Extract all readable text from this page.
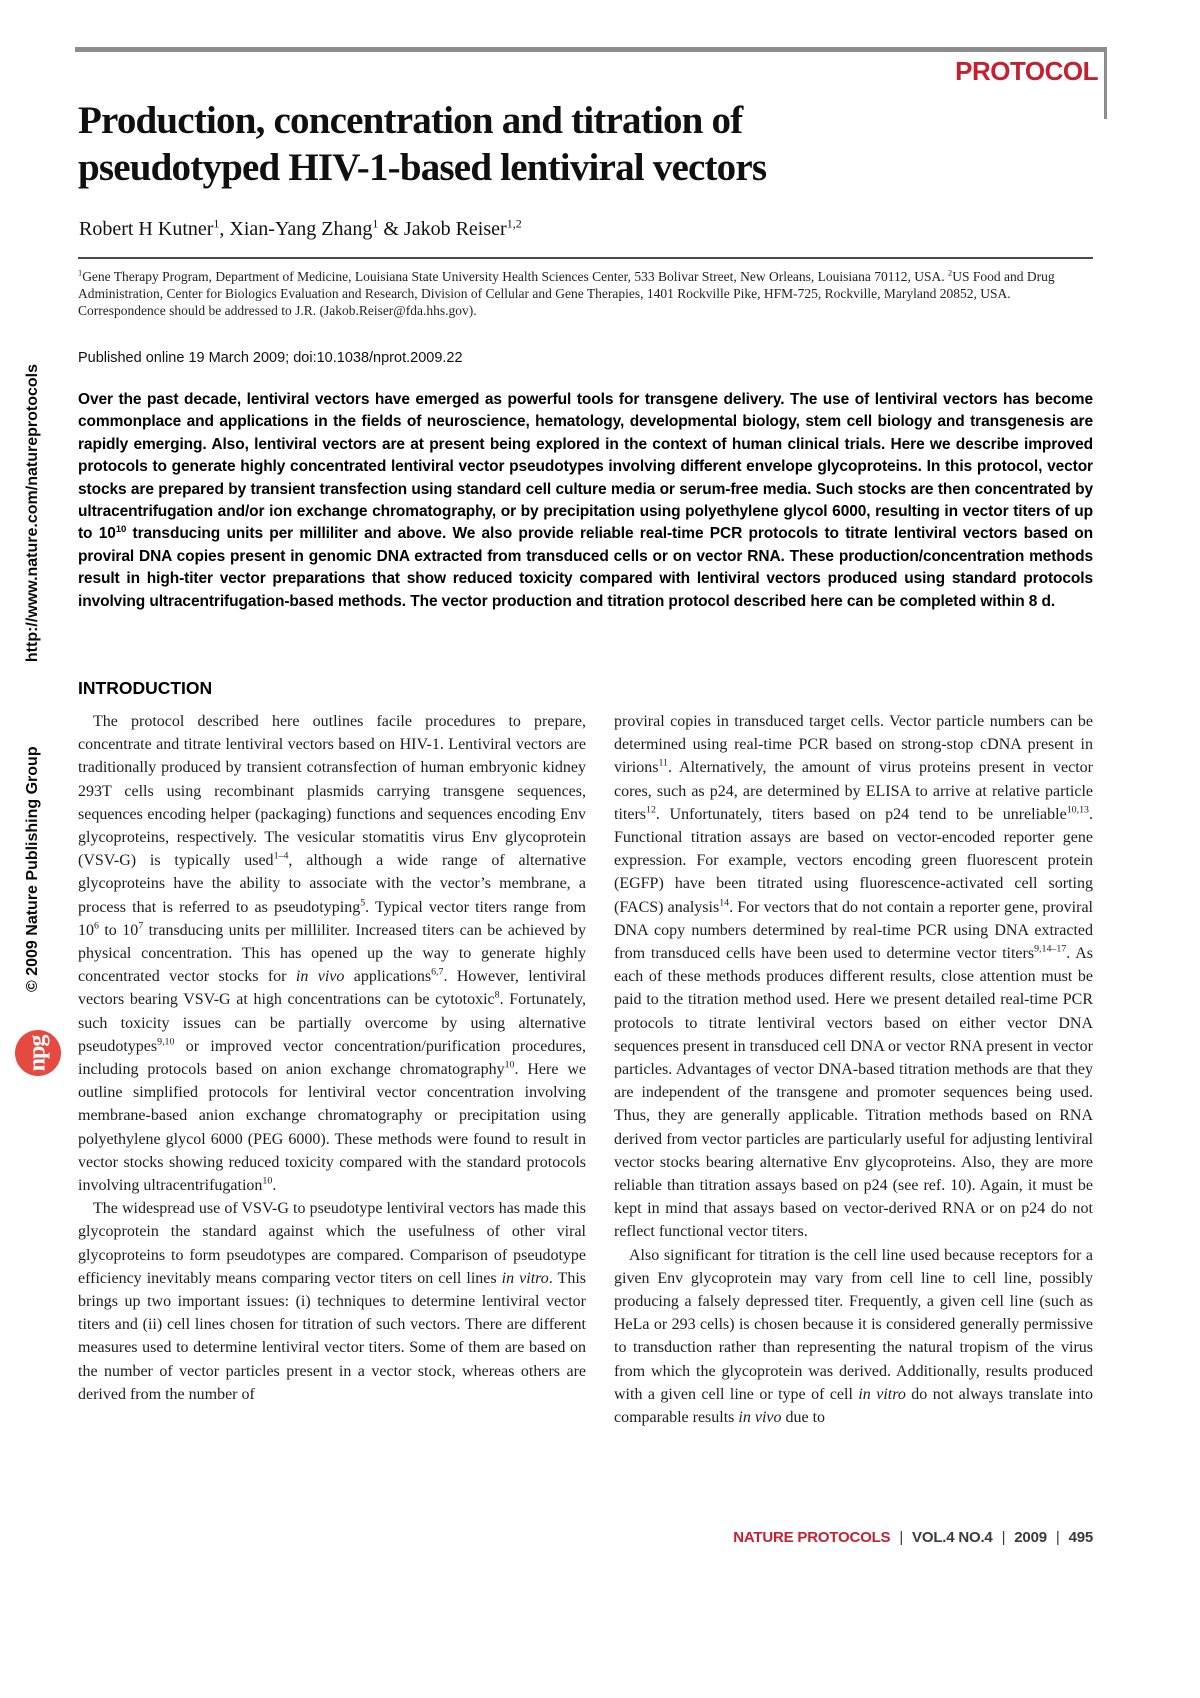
PROTOCOL
Production, concentration and titration of
pseudotyped HIV-1-based lentiviral vectors
Robert H Kutner$^1$, Xian-Yang Zhang$^1$ & Jakob Reiser$^{1,2}$
$^1$Gene Therapy Program, Department of Medicine, Louisiana State University Health Sciences Center, 533 Bolivar Street, New Orleans, Louisiana 70112, USA. $^2$US Food and Drug Administration, Center for Biologics Evaluation and Research, Division of Cellular and Gene Therapies, 1401 Rockville Pike, HFM-725, Rockville, Maryland 20852, USA. Correspondence should be addressed to J.R. (Jakob.Reiser@fda.hhs.gov).
Published online 19 March 2009; doi:10.1038/nprot.2009.22
Over the past decade, lentiviral vectors have emerged as powerful tools for transgene delivery. The use of lentiviral vectors has become commonplace and applications in the fields of neuroscience, hematology, developmental biology, stem cell biology and transgenesis are rapidly emerging. Also, lentiviral vectors are at present being explored in the context of human clinical trials. Here we describe improved protocols to generate highly concentrated lentiviral vector pseudotypes involving different envelope glycoproteins. In this protocol, vector stocks are prepared by transient transfection using standard cell culture media or serum-free media. Such stocks are then concentrated by ultracentrifugation and/or ion exchange chromatography, or by precipitation using polyethylene glycol 6000, resulting in vector titers of up to $10^{10}$ transducing units per milliliter and above. We also provide reliable real-time PCR protocols to titrate lentiviral vectors based on proviral DNA copies present in genomic DNA extracted from transduced cells or on vector RNA. These production/concentration methods result in high-titer vector preparations that show reduced toxicity compared with lentiviral vectors produced using standard protocols involving ultracentrifugation-based methods. The vector production and titration protocol described here can be completed within 8 d.
INTRODUCTION

The protocol described here outlines facile procedures to prepare, concentrate and titrate lentiviral vectors based on HIV-1. Lentiviral vectors are traditionally produced by transient cotransfection of human embryonic kidney 293T cells using recombinant plasmids carrying transgene sequences, sequences encoding helper (packaging) functions and sequences encoding Env glycoproteins, respectively. The vesicular stomatitis virus Env glycoprotein (VSV-G) is typically used$^{1-4}$, although a wide range of alternative glycoproteins have the ability to associate with the vector’s membrane, a process that is referred to as pseudotyping$^5$. Typical vector titers range from $10^6$ to $10^7$ transducing units per milliliter. Increased titers can be achieved by physical concentration. This has opened up the way to generate highly concentrated vector stocks for in vivo applications$^{6,7}$. However, lentiviral vectors bearing VSV-G at high concentrations can be cytotoxic$^8$. Fortunately, such toxicity issues can be partially overcome by using alternative pseudotypes$^{9,10}$ or improved vector concentration/purification procedures, including protocols based on anion exchange chromatography$^{10}$. Here we outline simplified protocols for lentiviral vector concentration involving membrane-based anion exchange chromatography or precipitation using polyethylene glycol 6000 (PEG 6000). These methods were found to result in vector stocks showing reduced toxicity compared with the standard protocols involving ultracentrifugation$^{10}$.

The widespread use of VSV-G to pseudotype lentiviral vectors has made this glycoprotein the standard against which the usefulness of other viral glycoproteins to form pseudotypes are compared. Comparison of pseudotype efficiency inevitably means comparing vector titers on cell lines in vitro. This brings up two important issues: (i) techniques to determine lentiviral vector titers and (ii) cell lines chosen for titration of such vectors. There are different measures used to determine lentiviral vector titers. Some of them are based on the number of vector particles present in a vector stock, whereas others are derived from the number of

proviral copies in transduced target cells. Vector particle numbers can be determined using real-time PCR based on strong-stop cDNA present in virions$^{11}$. Alternatively, the amount of virus proteins present in vector cores, such as p24, are determined by ELISA to arrive at relative particle titers$^{12}$. Unfortunately, titers based on p24 tend to be unreliable$^{10,13}$. Functional titration assays are based on vector-encoded reporter gene expression. For example, vectors encoding green fluorescent protein (EGFP) have been titrated using fluorescence-activated cell sorting (FACS) analysis$^{14}$. For vectors that do not contain a reporter gene, proviral DNA copy numbers determined by real-time PCR using DNA extracted from transduced cells have been used to determine vector titers$^{9,14-17}$. As each of these methods produces different results, close attention must be paid to the titration method used. Here we present detailed real-time PCR protocols to titrate lentiviral vectors based on either vector DNA sequences present in transduced cell DNA or vector RNA present in vector particles. Advantages of vector DNA-based titration methods are that they are independent of the transgene and promoter sequences being used. Thus, they are generally applicable. Titration methods based on RNA derived from vector particles are particularly useful for adjusting lentiviral vector stocks bearing alternative Env glycoproteins. Also, they are more reliable than titration assays based on p24 (see ref. 10). Again, it must be kept in mind that assays based on vector-derived RNA or on p24 do not reflect functional vector titers.

Also significant for titration is the cell line used because receptors for a given Env glycoprotein may vary from cell line to cell line, possibly producing a falsely depressed titer. Frequently, a given cell line (such as HeLa or 293 cells) is chosen because it is considered generally permissive to transduction rather than representing the natural tropism of the virus from which the glycoprotein was derived. Additionally, results produced with a given cell line or type of cell in vitro do not always translate into comparable results in vivo due to

NATURE PROTOCOLS | VOL.4 NO.4 | 2009 | 495
© 2009 Nature Publishing Group
http://www.nature.com/natureprotocols
npg
